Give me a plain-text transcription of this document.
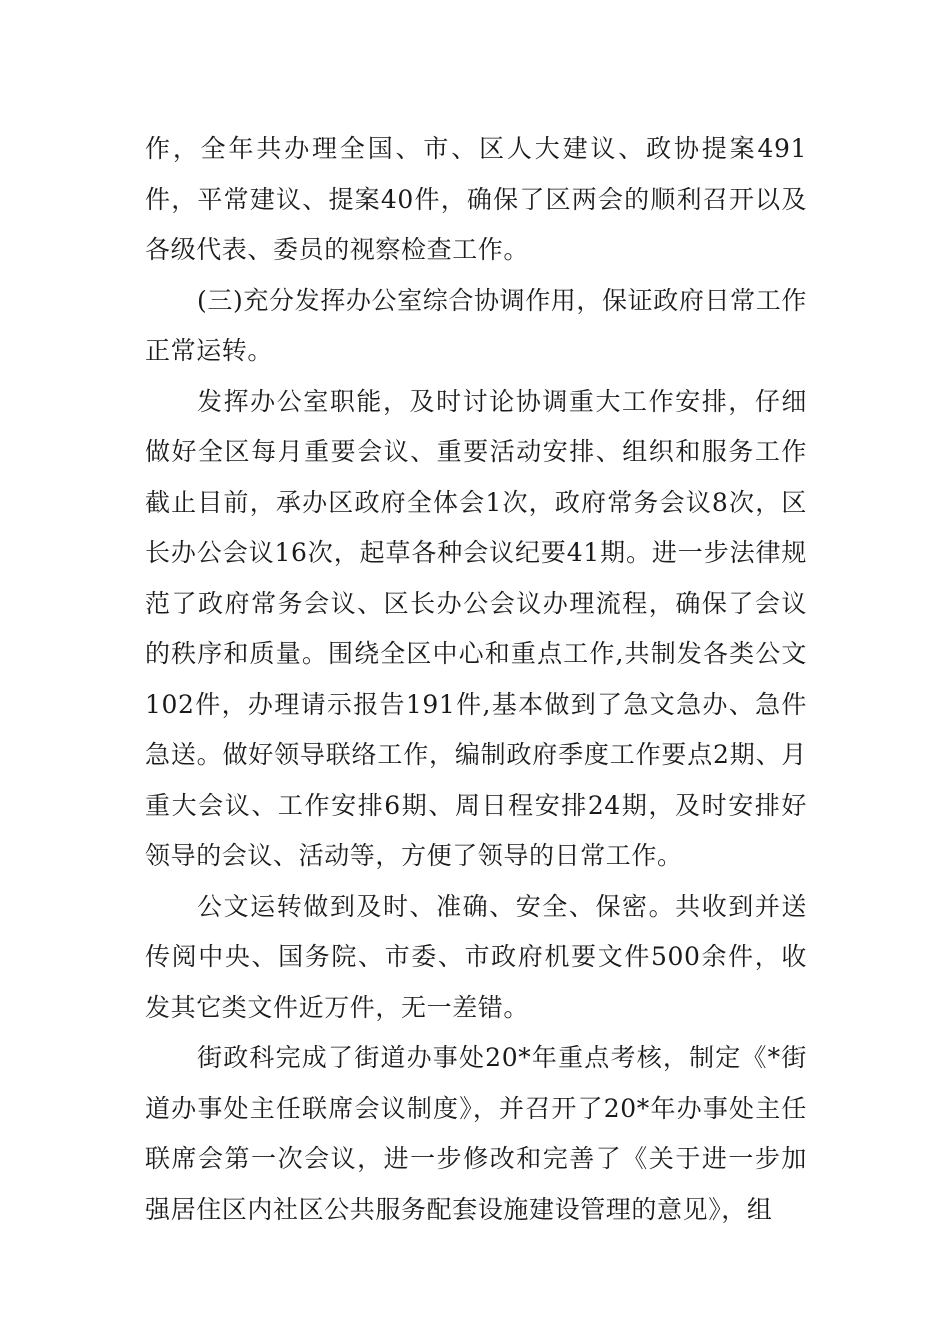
作，全年共办理全国、市、区人大建议、政协提案491件，平常建议、提案40件，确保了区两会的顺利召开以及各级代表、委员的视察检查工作。

(三)充分发挥办公室综合协调作用，保证政府日常工作正常运转。

发挥办公室职能，及时讨论协调重大工作安排，仔细做好全区每月重要会议、重要活动安排、组织和服务工作截止目前，承办区政府全体会1次，政府常务会议8次，区长办公会议16次，起草各种会议纪要41期。进一步法律规范了政府常务会议、区长办公会议办理流程，确保了会议的秩序和质量。围绕全区中心和重点工作,共制发各类公文102件，办理请示报告191件,基本做到了急文急办、急件急送。做好领导联络工作，编制政府季度工作要点2期、月重大会议、工作安排6期、周日程安排24期，及时安排好领导的会议、活动等，方便了领导的日常工作。

公文运转做到及时、准确、安全、保密。共收到并送传阅中央、国务院、市委、市政府机要文件500余件，收发其它类文件近万件，无一差错。

街政科完成了街道办事处20*年重点考核，制定《*街道办事处主任联席会议制度》，并召开了20*年办事处主任联席会第一次会议，进一步修改和完善了《关于进一步加强居住区内社区公共服务配套设施建设管理的意见》，组
